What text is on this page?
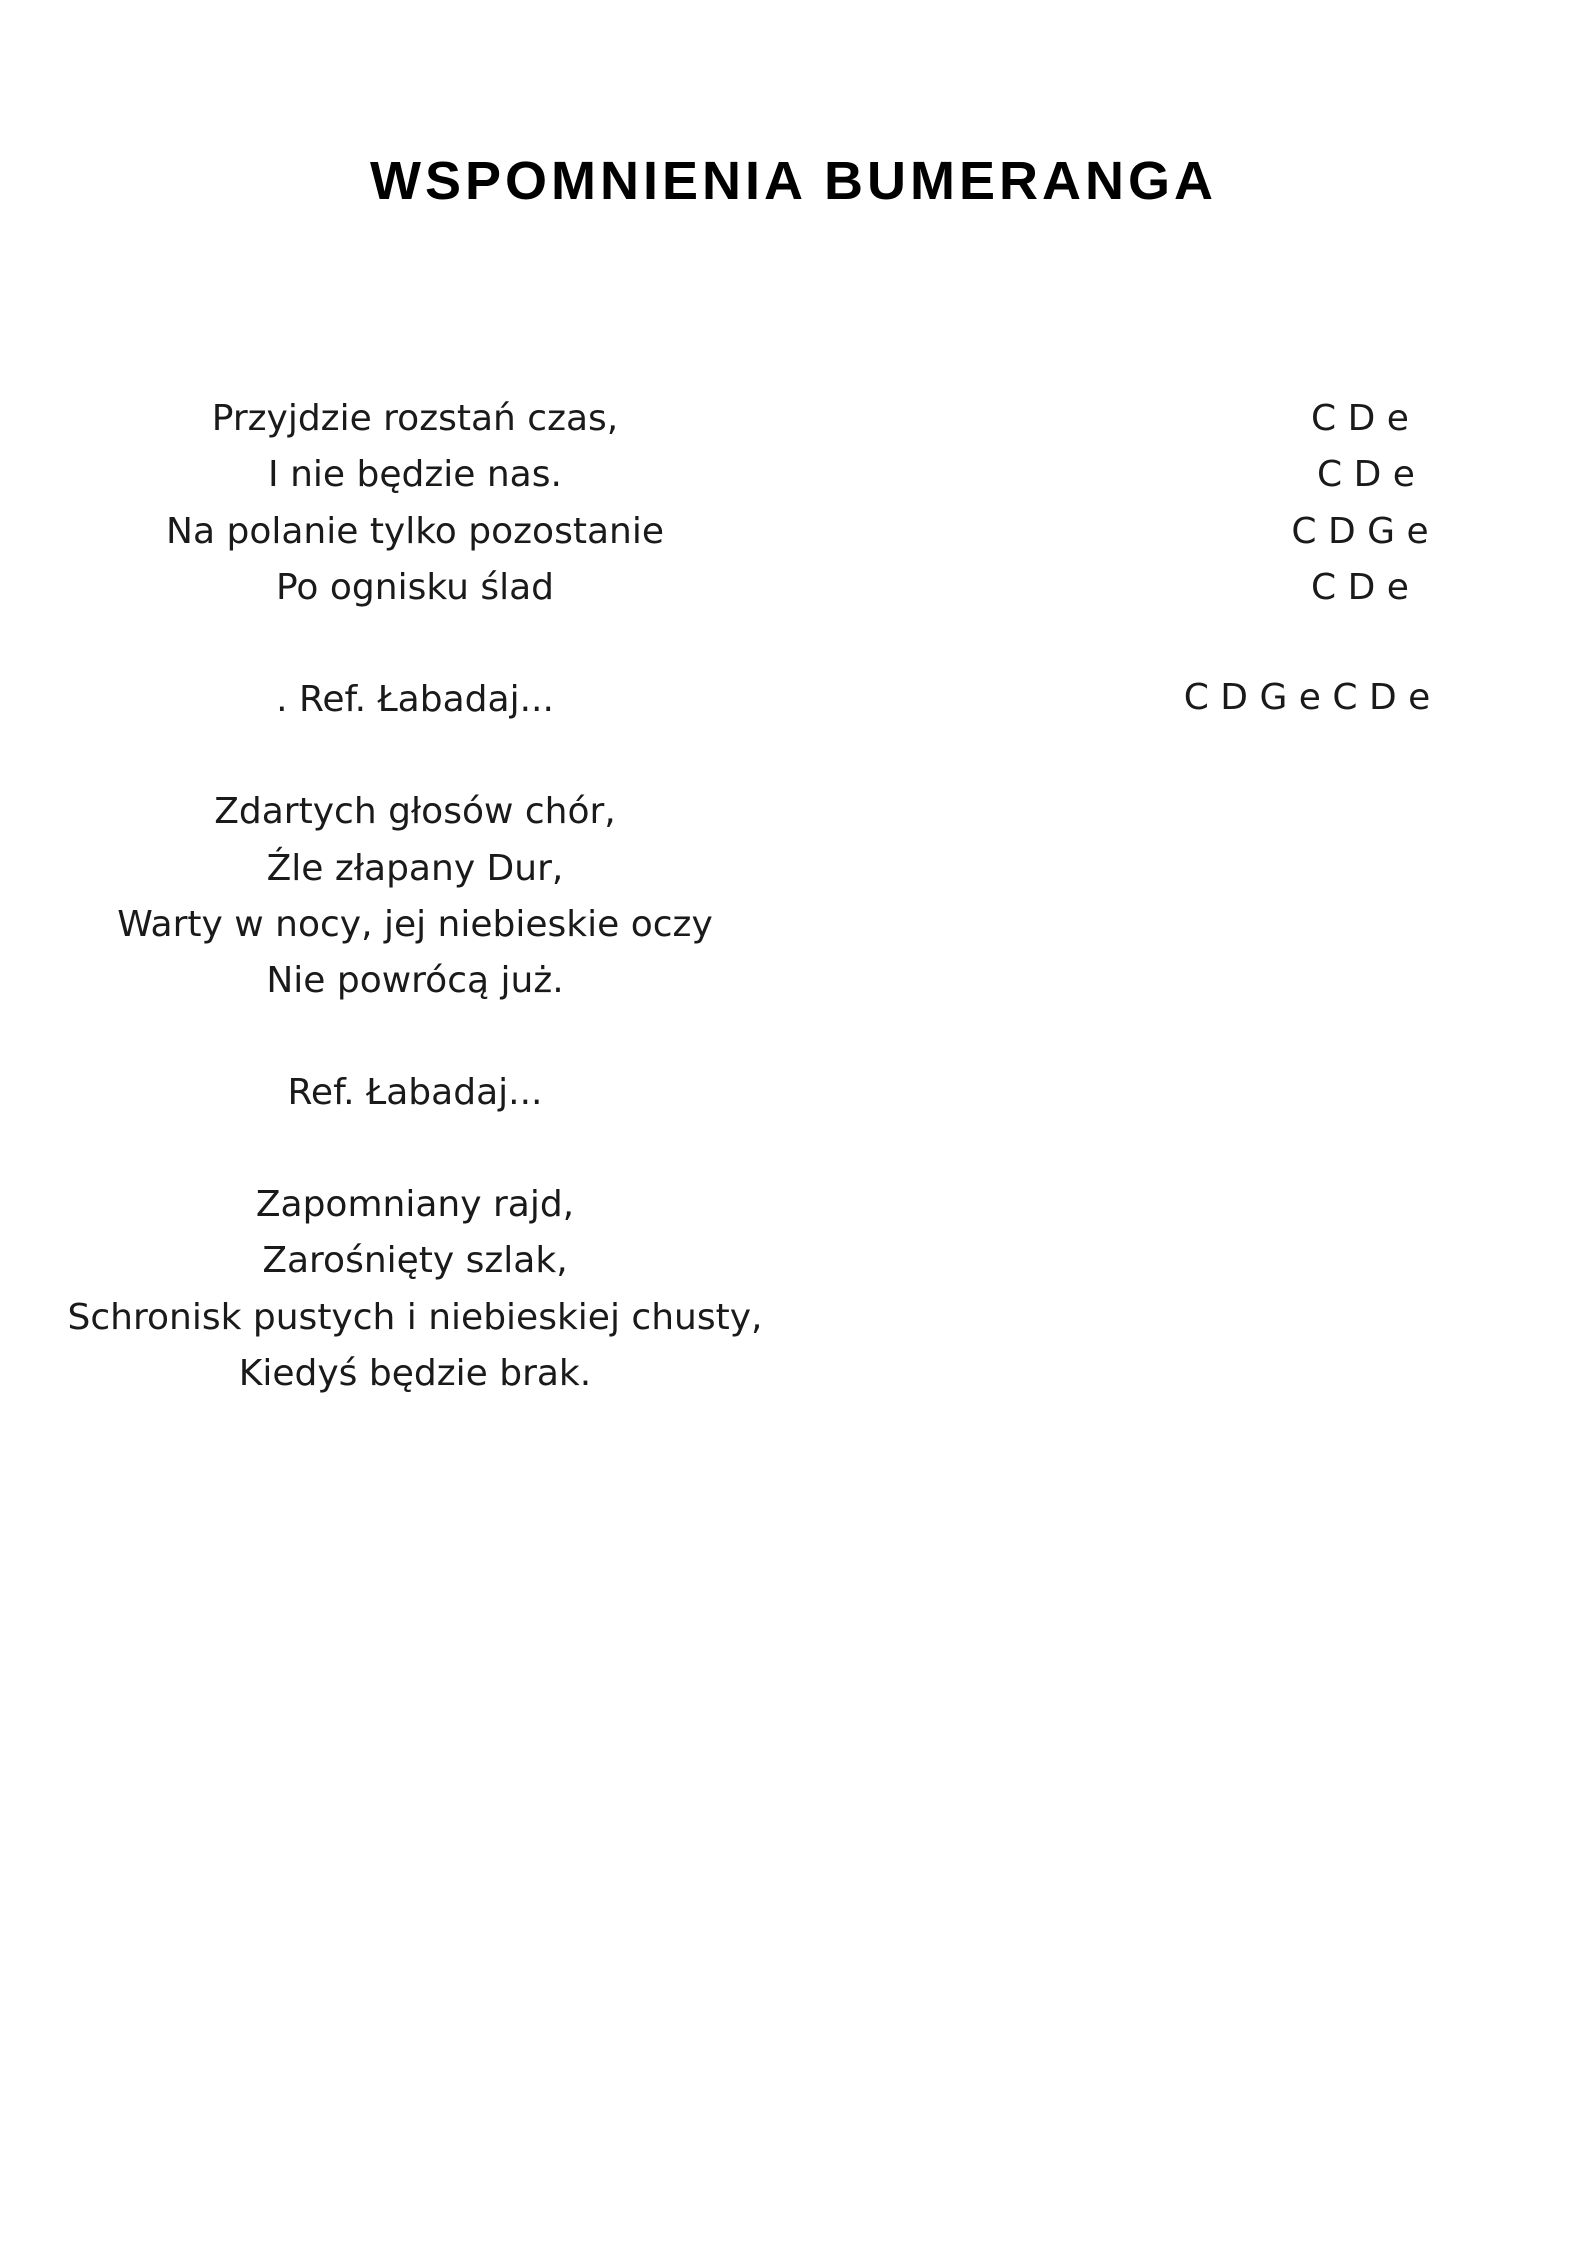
WSPOMNIENIA BUMERANGA
Przyjdzie rozstań czas,
I nie będzie nas.
Na polanie tylko pozostanie
Po ognisku ślad
. Ref. Łabadaj...
Zdartych głosów chór,
Źle złapany Dur,
Warty w nocy, jej niebieskie oczy
Nie powrócą już.
Ref. Łabadaj...
Zapomniany rajd,
Zarośnięty szlak,
Schronisk pustych i niebieskiej chusty,
Kiedyś będzie brak.
C D e
C D e
C D G e
C D e
C D G e C D e
